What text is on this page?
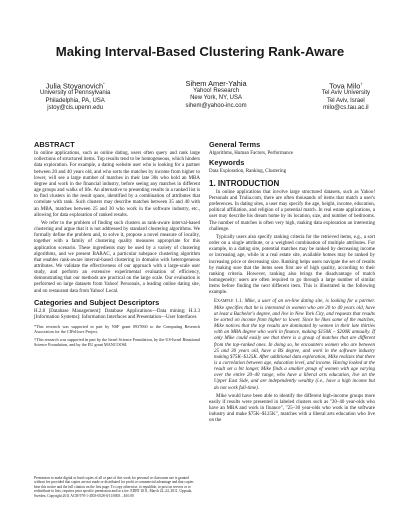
Making Interval-Based Clustering Rank-Aware
Julia Stoyanovich*
University of Pennsylvania
Philadelphia, PA, USA
jstoy@cis.upenn.edu
Sihem Amer-Yahia
Yahoo! Research
New York, NY, USA
sihem@yahoo-inc.com
Tova Milo†
Tel Aviv University
Tel Aviv, Israel
milo@cs.tau.ac.il
ABSTRACT

In online applications, such as online dating, users often query and rank large collections of structured items. Top results tend to be homogeneous, which hinders data exploration. For example, a dating website user who is looking for a partner between 20 and 40 years old, and who sorts the matches by income from higher to lower, will see a large number of matches in their late 30s who hold an MBA degree and work in the financial industry, before seeing any matches in different age groups and walks of life. An alternative to presenting results in a ranked list is to find clusters in the result space, identified by a combination of attributes that correlate with rank. Such clusters may describe matches between 35 and 40 with an MBA, matches between 25 and 30 who work in the software industry, etc., allowing for data exploration of ranked results.

We refer to the problem of finding such clusters as rank-aware interval-based clustering and argue that it is not addressed by standard clustering algorithms. We formally define the problem and, to solve it, propose a novel measure of locality, together with a family of clustering quality measures appropriate for this application scenario. These ingredients may be used by a variety of clustering algorithms, and we present BARAC, a particular subspace clustering algorithm that enables rank-aware interval-based clustering in domains with heterogeneous attributes. We validate the effectiveness of our approach with a large-scale user study, and perform an extensive experimental evaluation of efficiency, demonstrating that our methods are practical on the large scale. Our evaluation is performed on large datasets from Yahoo! Personals, a leading online dating site, and on restaurant data from Yahoo! Local.

Categories and Subject Descriptors

H.2.8 [Database Management]: Database Applications—Data mining; H.3.3 [Information Systems]: Information Interfaces and Presentation—User Interfaces

*This research was supported in part by NSF grant 0937060 to the Computing Research Association for the CIFellows Project.
†This research was supported in part by the Israel Science Foundation, by the US-Israel Binational Science Foundation, and by the EU grant MANCOOSI.
Permission to make digital or hard copies of all or part of this work for personal or classroom use is granted without fee provided that copies are not made or distributed for profit or commercial advantage and that copies bear this notice and the full citation on the first page. To copy otherwise, to republish, to post on servers or to redistribute to lists, requires prior specific permission and/or a fee. EDBT 2011, March 22–24, 2011, Uppsala, Sweden. Copyright 2011 ACM 978-1-4503-0528-0/11/0003 ...$10.00
General Terms

Algorithms, Human Factors, Performance

Keywords

Data Exploration, Ranking, Clustering

1. INTRODUCTION

In online applications that involve large structured datasets, such as Yahoo! Personals and Trulia.com, there are often thousands of items that match a user's preferences. In dating sites, a user may specify the age, height, income, education, political affiliation, and religion of a potential match. In real estate applications, a user may describe his dream home by its location, size, and number of bedrooms. The number of matches is often very high, making data exploration an interesting challenge.

Typically users also specify ranking criteria for the retrieved items, e.g., a sort order on a single attribute, or a weighted combination of multiple attributes. For example, in a dating site, potential matches may be ranked by decreasing income or increasing age, while in a real estate site, available homes may be ranked by increasing price or decreasing size. Ranking helps users navigate the set of results by making sure that the items seen first are of high quality, according to their ranking criteria. However, ranking also brings the disadvantage of match homogeneity: users are often required to go through a large number of similar items before finding the next different item. This is illustrated in the following example.

Example 1.1. Mike, a user of an on-line dating site, is looking for a partner. Mike specifies that he is interested in women who are 20 to 40 years old, have at least a Bachelor's degree, and live in New York City, and requests that results be sorted on income from higher to lower. Since he likes some of the matches, Mike notices that the top results are dominated by women in their late thirties with an MBA degree who work in finance, making $150K – $200K annually. If only Mike could easily see that there is a group of matches that are different from the top-ranked ones. In doing so, he encounters women who are between 25 and 30 years old, have a BS degree, and work in the software industry making $75K–$125K. After additional data exploration, Mike realizes that there is a correlation between age, education level, and income. Having looked at the result set a bit longer, Mike finds a smaller group of women with age varying over the entire 20–40 range, who have a liberal arts education, live on the Upper East Side, and are independently wealthy (i.e., have a high income but do not work full-time).

Mike would have been able to identify the different high-income groups more easily if results were presented in labeled clusters such as "20–40 year-olds who have an MBA and work in finance", "25–30 year-olds who work in the software industry and make $75K–$125K", matches with a liberal arts education who live on the
